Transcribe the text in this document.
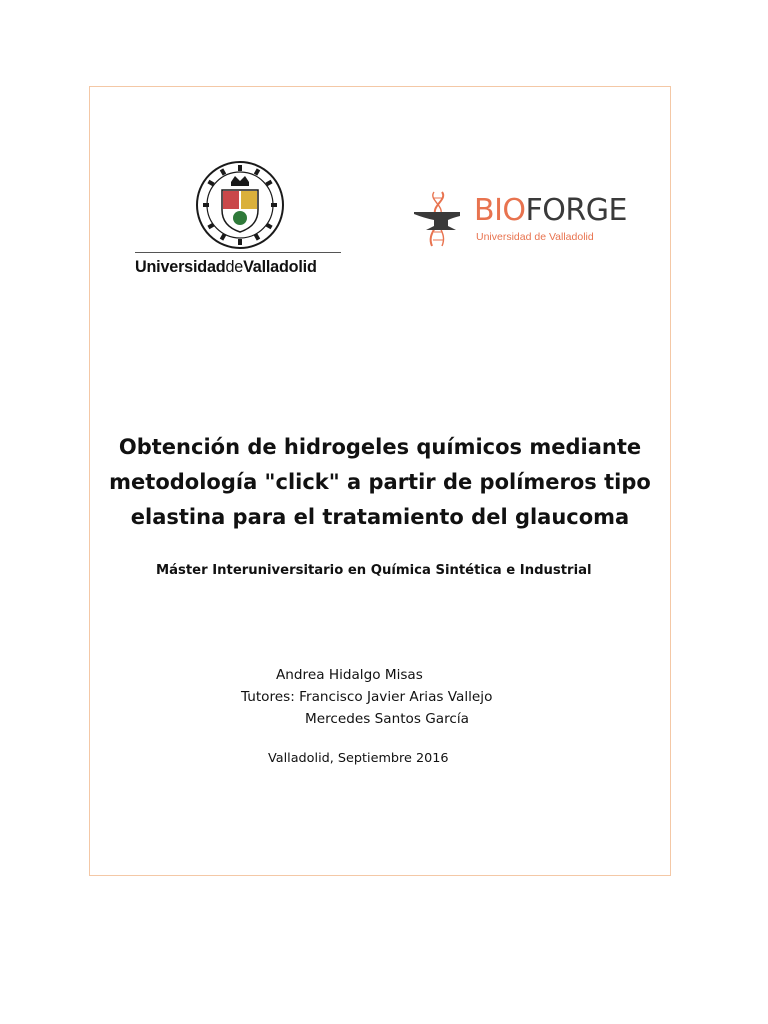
UniversidaddeValladolid
BIOFORGE
Universidad de Valladolid
Obtención de hidrogeles químicos mediante
metodología "click" a partir de polímeros tipo
elastina para el tratamiento del glaucoma
Máster Interuniversitario en Química Sintética e Industrial
Andrea Hidalgo Misas
Tutores: Francisco Javier Arias Vallejo
Mercedes Santos García
Valladolid, Septiembre 2016
